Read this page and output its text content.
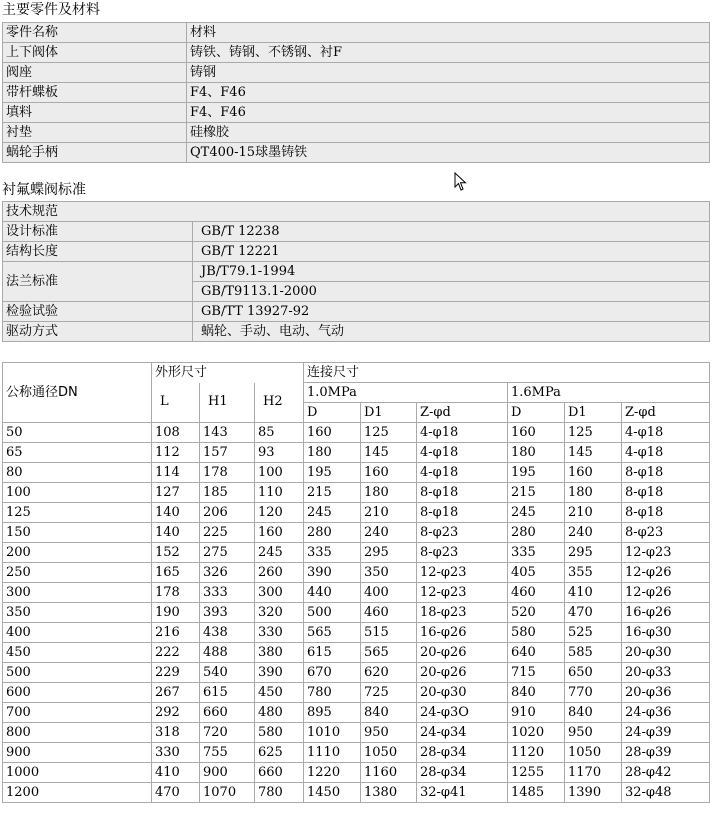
主要零件及材料
零件名称	材料
上下阀体	铸铁、铸钢、不锈钢、衬F
阀座	铸钢
带杆蝶板	F4、F46
填料	F4、F46
衬垫	硅橡胶
蜗轮手柄	QT400-15球墨铸铁
衬氟蝶阀标准
技术规范	
设计标准	GB/T 12238
结构长度	GB/T 12221
法兰标准	JB/T79.1-1994
	GB/T9113.1-2000
检验试验	GB/TT 13927-92
驱动方式	蜗轮、手动、电动、气动
公称通径DN	外形尺寸			连接尺寸					
	L	H1	H2	1.0MPa			1.6MPa		
				D	D1	Z-φd	D	D1	Z-φd
50	108	143	85	160	125	4-φ18	160	125	4-φ18
65	112	157	93	180	145	4-φ18	180	145	4-φ18
80	114	178	100	195	160	4-φ18	195	160	8-φ18
100	127	185	110	215	180	8-φ18	215	180	8-φ18
125	140	206	120	245	210	8-φ18	245	210	8-φ18
150	140	225	160	280	240	8-φ23	280	240	8-φ23
200	152	275	245	335	295	8-φ23	335	295	12-φ23
250	165	326	260	390	350	12-φ23	405	355	12-φ26
300	178	333	300	440	400	12-φ23	460	410	12-φ26
350	190	393	320	500	460	18-φ23	520	470	16-φ26
400	216	438	330	565	515	16-φ26	580	525	16-φ30
450	222	488	380	615	565	20-φ26	640	585	20-φ30
500	229	540	390	670	620	20-φ26	715	650	20-φ33
600	267	615	450	780	725	20-φ30	840	770	20-φ36
700	292	660	480	895	840	24-φ3O	910	840	24-φ36
800	318	720	580	1010	950	24-φ34	1020	950	24-φ39
900	330	755	625	1110	1050	28-φ34	1120	1050	28-φ39
1000	410	900	660	1220	1160	28-φ34	1255	1170	28-φ42
1200	470	1070	780	1450	1380	32-φ41	1485	1390	32-φ48
